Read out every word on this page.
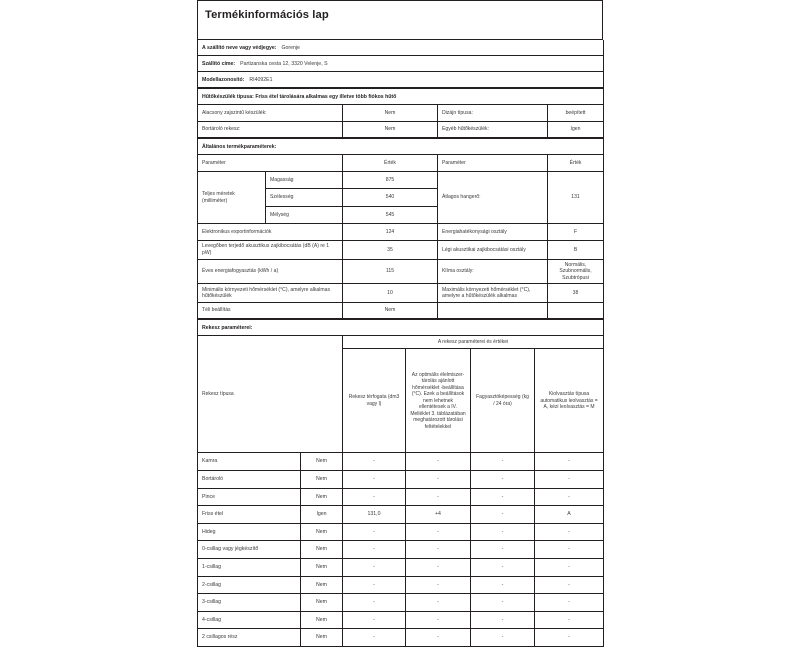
Termékinformációs lap
A szállító neve vagy védjegye: Gorenje
Szállító címe: Partizanska cesta 12, 3320 Velenje, S
Modellazonosító: RI4092E1
Hűtőkészülék típusa: Friss étel tárolására alkalmas egy illetve több fiókos hűtő			
Alacsony zajszintű készülék:	Nem	Dizájn típusa:	beépített
Bortároló rekesz:	Nem	Egyéb hűtőkészülék:	Igen
Általános termékparaméterek:				
Paraméter		Érték	Paraméter	Érték
Teljes méretek (milliméter)	Magasság	875	Átlagos hangerő:	131
	Szélesség	540		
	Mélység	545		
Elektronikus exportinformációk		124	Energiahatékonysági osztály	F
Levegőben terjedő akusztikus zajkibocsátás (dB (A) re 1 pW)		35	Légi akusztikai zajkibocsátási osztály	B
Éves energiafogyasztás (kWh / a)		115	Klíma osztály:	Normális, Szubnormális, Szubtrópusi
Minimális környezeti hőmérséklet (°C), amelyre alkalmas hűtőkészülék		10	Maximális környezeti hőmérséklet (°C), amelyre a hűtőkészülék alkalmas	38
Téli beállítás		Nem		
Rekesz paraméterei:					
Rekesz típusa		A rekesz paraméterei és értékei			
		Rekesz térfogata (dm3 vagy l)	Az optimális élelmiszer-tárolás ajánlott hőmérséklet -beállítása (°C). Ezek a beállítások nem lehetnek ellentétesek a IV. Melléklet 3. táblázatában meghatározott tárolási feltételekkel	Fagyasztóképesség (kg / 24 óra)	Kiolvasztás típusa automatikus leolvasztás = A, kézi leolvasztás = M
Kamra	Nem	-	-	-	-
Bortároló	Nem	-	-	-	-
Pince	Nem	-	-	-	-
Friss étel	Igen	131,0	+4	-	A
Hideg	Nem	-	-	-	-
0-csillag vagy jégkészítő	Nem	-	-	-	-
1-csillag	Nem	-	-	-	-
2-csillag	Nem	-	-	-	-
3-csillag	Nem	-	-	-	-
4-csillag	Nem	-	-	-	-
2 csillagos rész	Nem	-	-	-	-
